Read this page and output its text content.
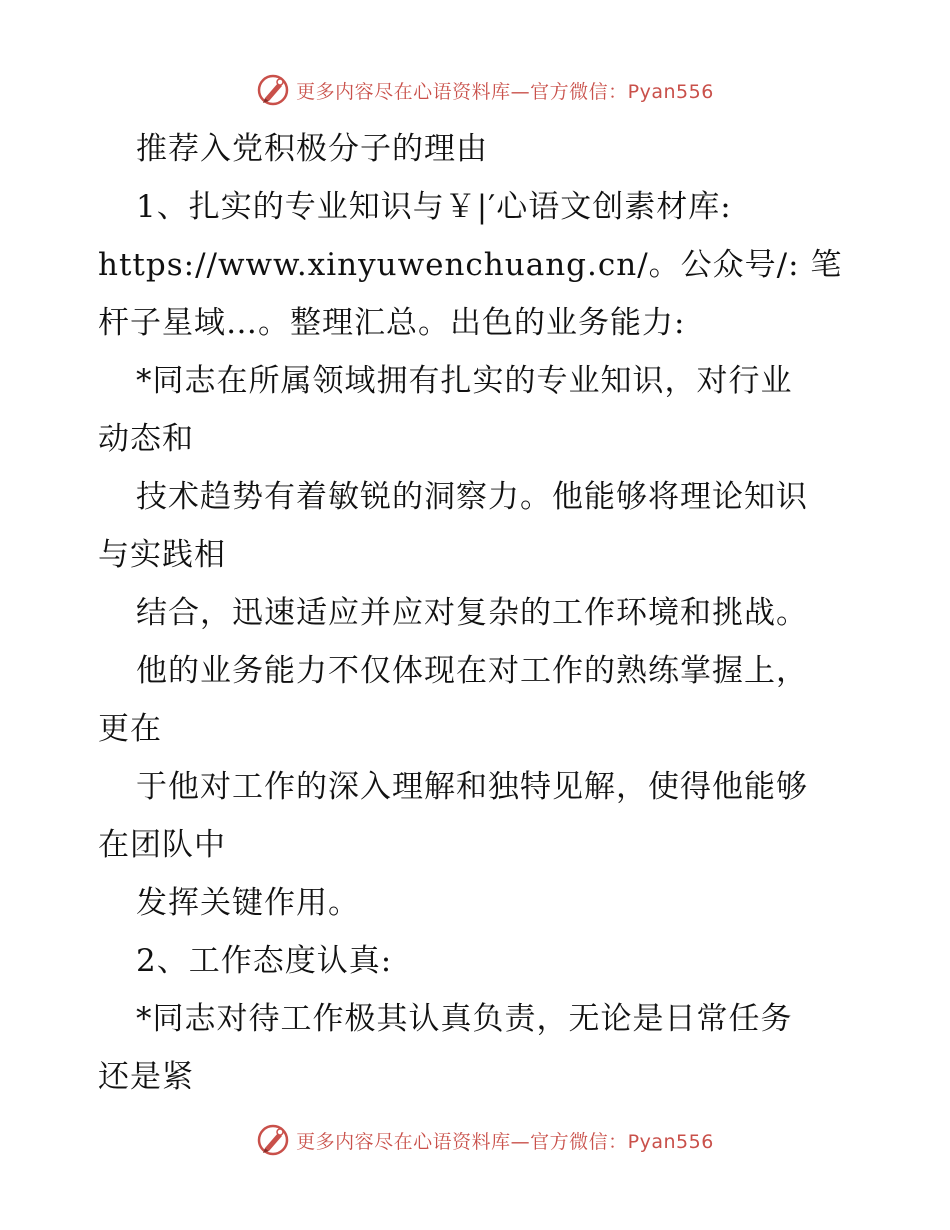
更多内容尽在心语资料库—官方微信：Pyan556
推荐入党积极分子的理由
1、扎实的专业知识与￥|′心语文创素材库:
https://www.xinyuwenchuang.cn/。公众号/: 笔
杆子星域…。整理汇总。出色的业务能力:
*同志在所属领域拥有扎实的专业知识，对行业
动态和
技术趋势有着敏锐的洞察力。他能够将理论知识
与实践相
结合，迅速适应并应对复杂的工作环境和挑战。
他的业务能力不仅体现在对工作的熟练掌握上，
更在
于他对工作的深入理解和独特见解，使得他能够
在团队中
发挥关键作用。
2、工作态度认真:
*同志对待工作极其认真负责，无论是日常任务
还是紧
更多内容尽在心语资料库—官方微信：Pyan556
